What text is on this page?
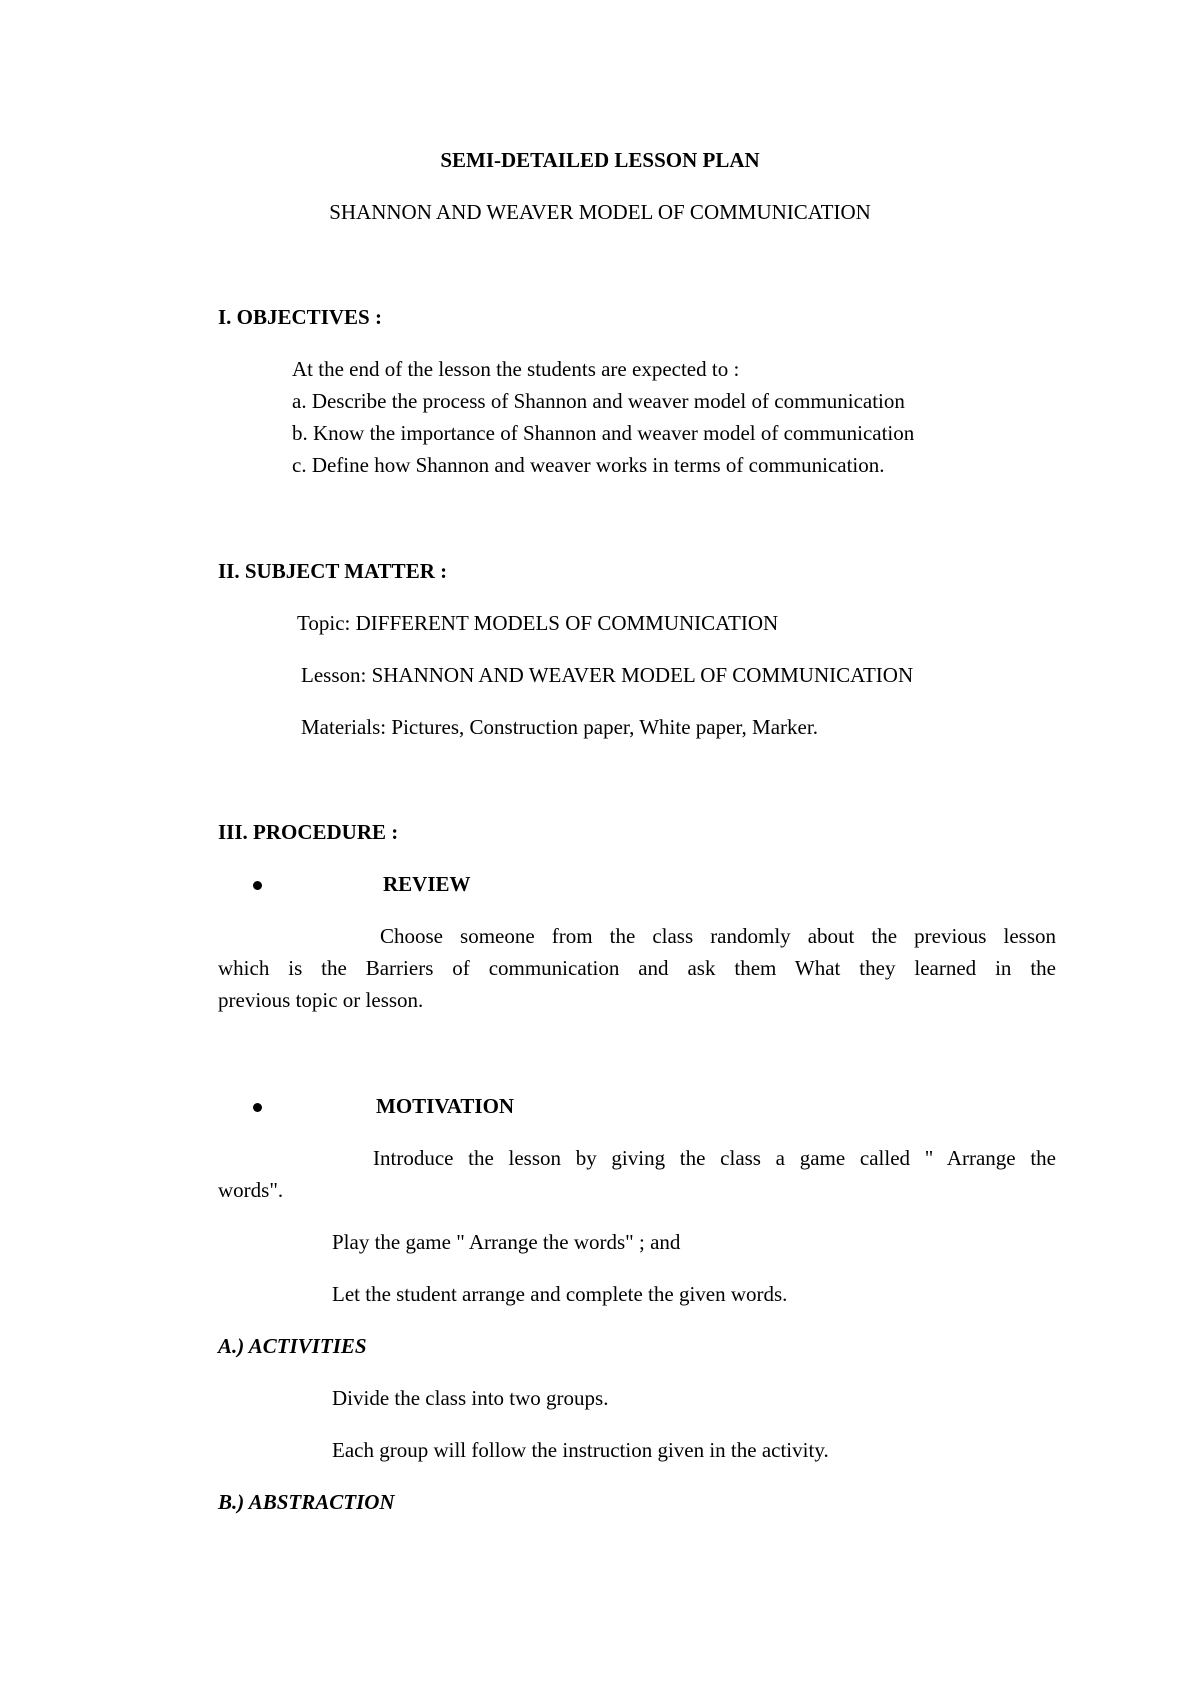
SEMI-DETAILED LESSON PLAN
SHANNON AND WEAVER MODEL OF COMMUNICATION
I. OBJECTIVES :
At the end of the lesson the students are expected to :
a. Describe the process of Shannon and weaver model of communication
b. Know the importance of Shannon and weaver model of communication
c. Define how Shannon and weaver works in terms of communication.
II. SUBJECT MATTER :
Topic: DIFFERENT MODELS OF COMMUNICATION
Lesson: SHANNON AND WEAVER MODEL OF COMMUNICATION
Materials: Pictures, Construction paper, White paper, Marker.
III. PROCEDURE :
REVIEW
Choose someone from the class randomly about the previous lesson
which is the Barriers of communication and ask them What they learned in the
previous topic or lesson.
MOTIVATION
Introduce the lesson by giving the class a game called " Arrange the
words".
Play the game " Arrange the words" ; and
Let the student arrange and complete the given words.
A.) ACTIVITIES
Divide the class into two groups.
Each group will follow the instruction given in the activity.
B.) ABSTRACTION
